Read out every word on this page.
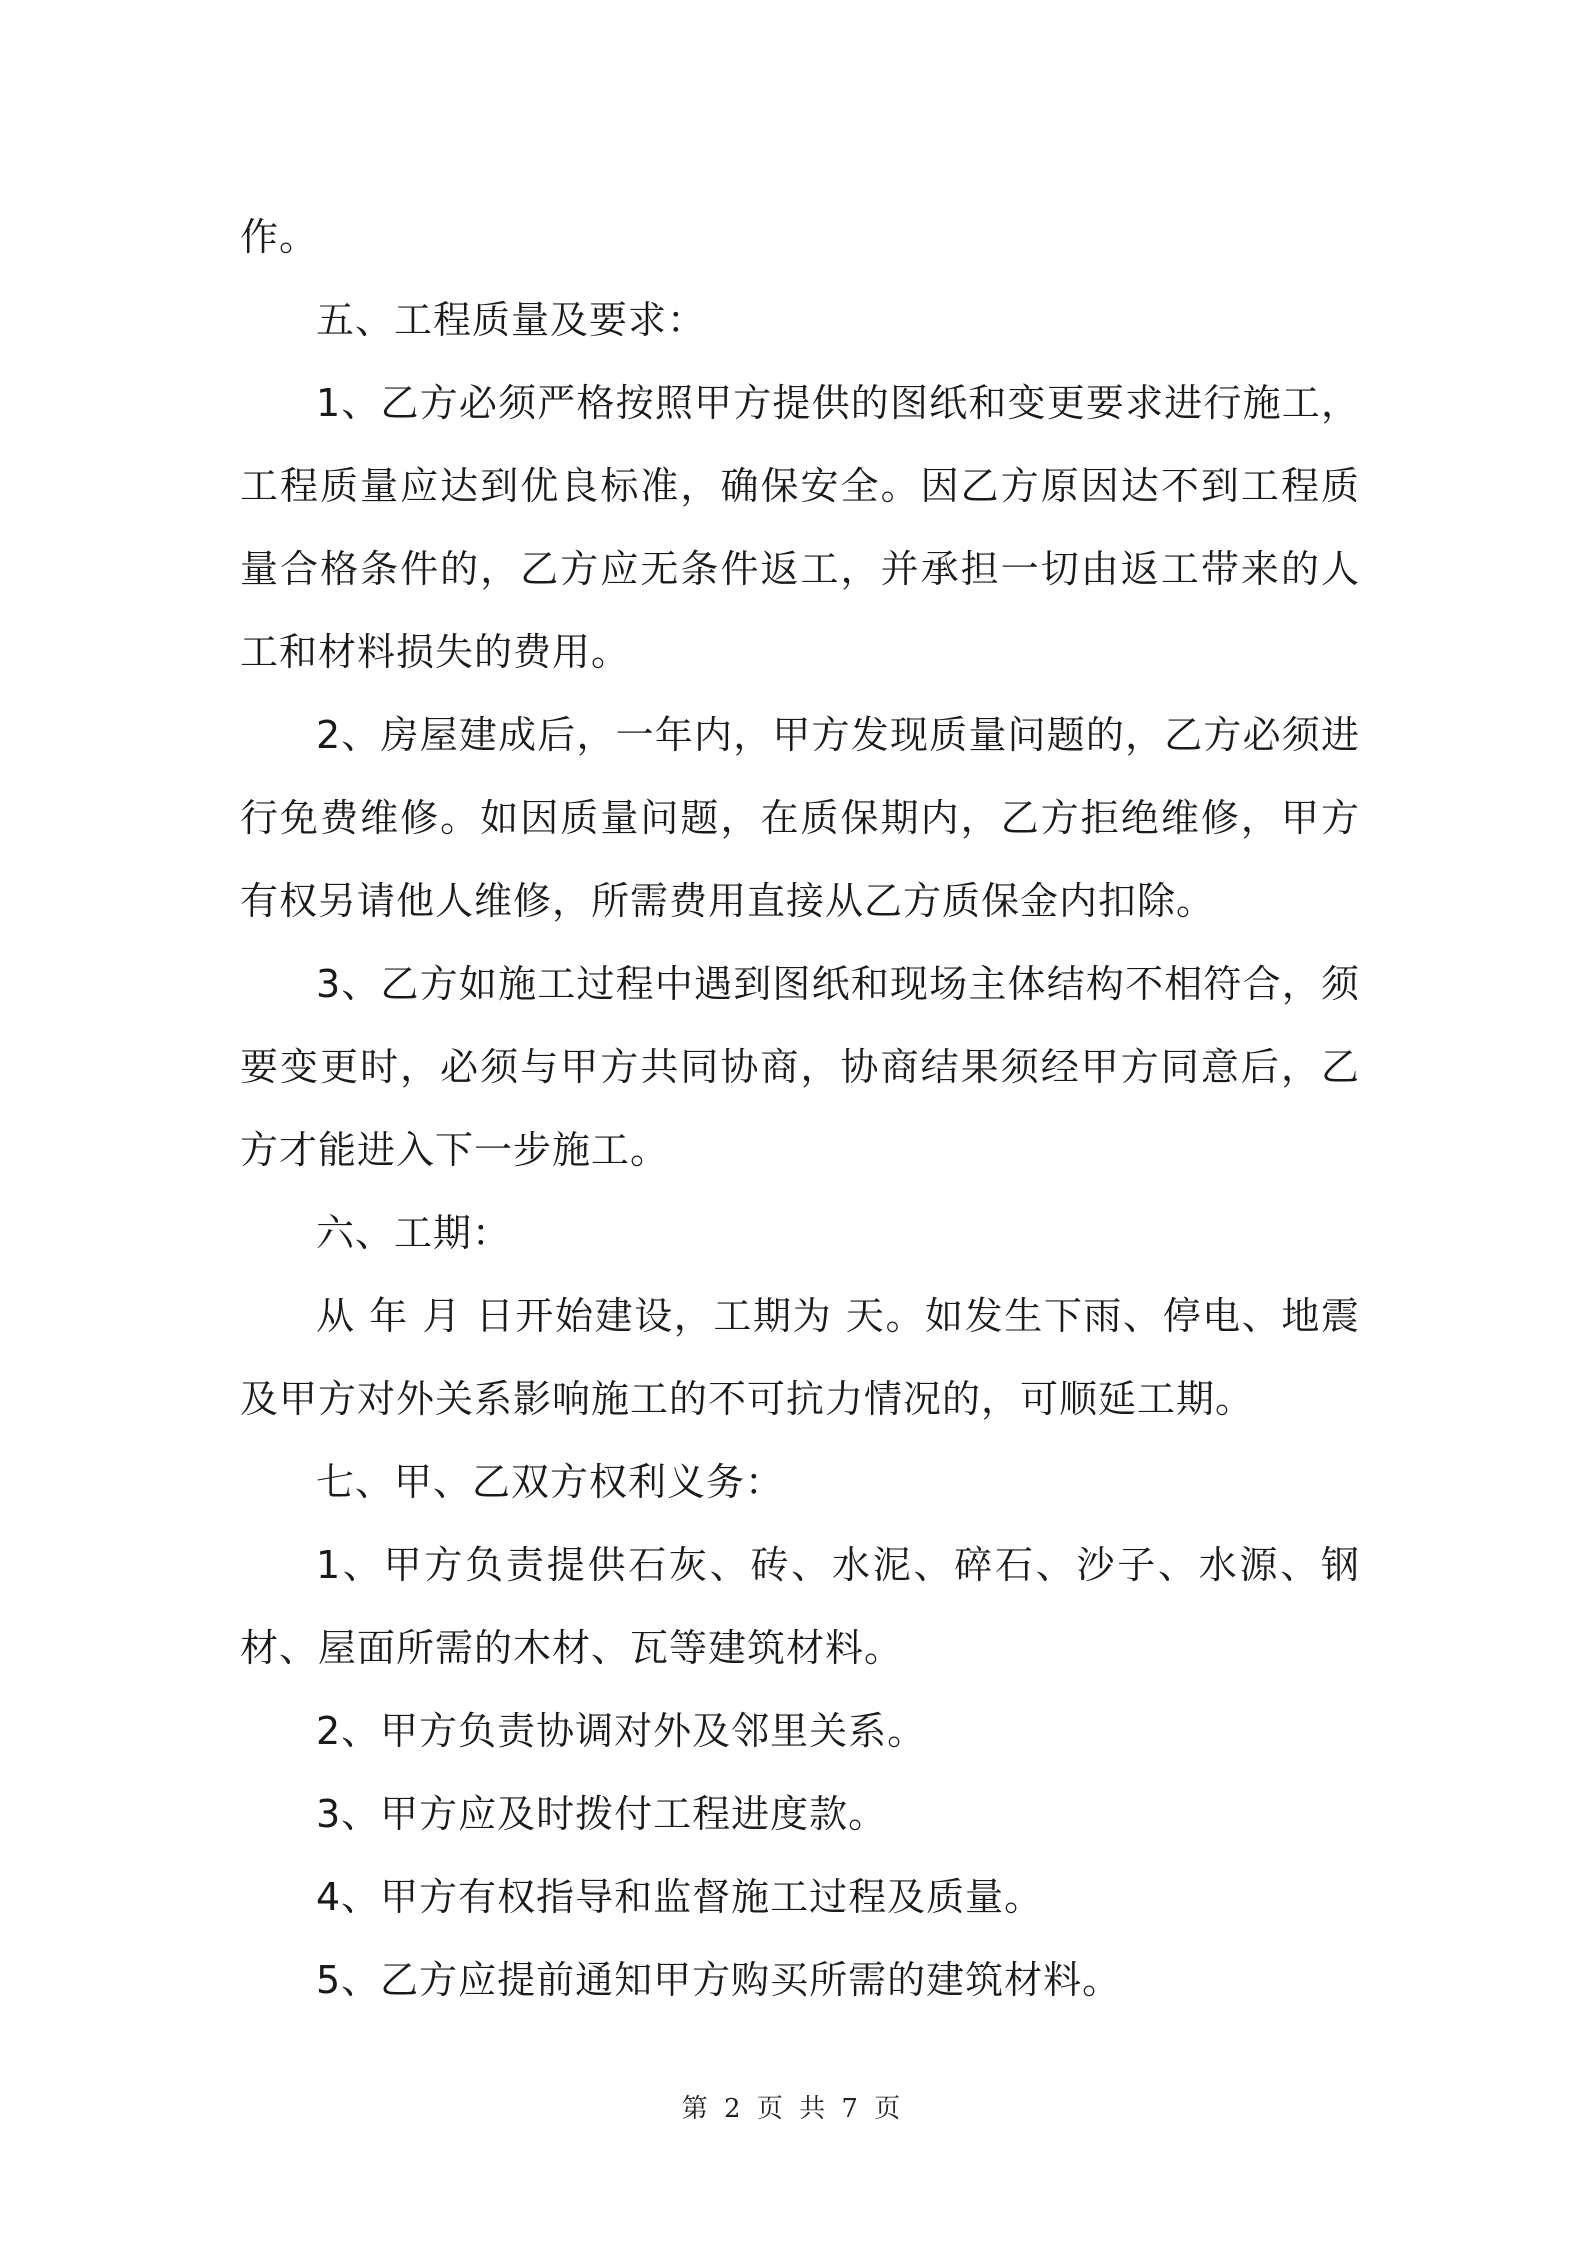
作。

五、工程质量及要求：

1、乙方必须严格按照甲方提供的图纸和变更要求进行施工，工程质量应达到优良标准，确保安全。因乙方原因达不到工程质量合格条件的，乙方应无条件返工，并承担一切由返工带来的人工和材料损失的费用。

2、房屋建成后，一年内，甲方发现质量问题的，乙方必须进行免费维修。如因质量问题，在质保期内，乙方拒绝维修，甲方有权另请他人维修，所需费用直接从乙方质保金内扣除。

3、乙方如施工过程中遇到图纸和现场主体结构不相符合，须要变更时，必须与甲方共同协商，协商结果须经甲方同意后，乙方才能进入下一步施工。

六、工期：

从 年 月 日开始建设，工期为 天。如发生下雨、停电、地震及甲方对外关系影响施工的不可抗力情况的，可顺延工期。

七、甲、乙双方权利义务：

1、甲方负责提供石灰、砖、水泥、碎石、沙子、水源、钢材、屋面所需的木材、瓦等建筑材料。

2、甲方负责协调对外及邻里关系。

3、甲方应及时拨付工程进度款。

4、甲方有权指导和监督施工过程及质量。

5、乙方应提前通知甲方购买所需的建筑材料。

第 2 页 共 7 页
